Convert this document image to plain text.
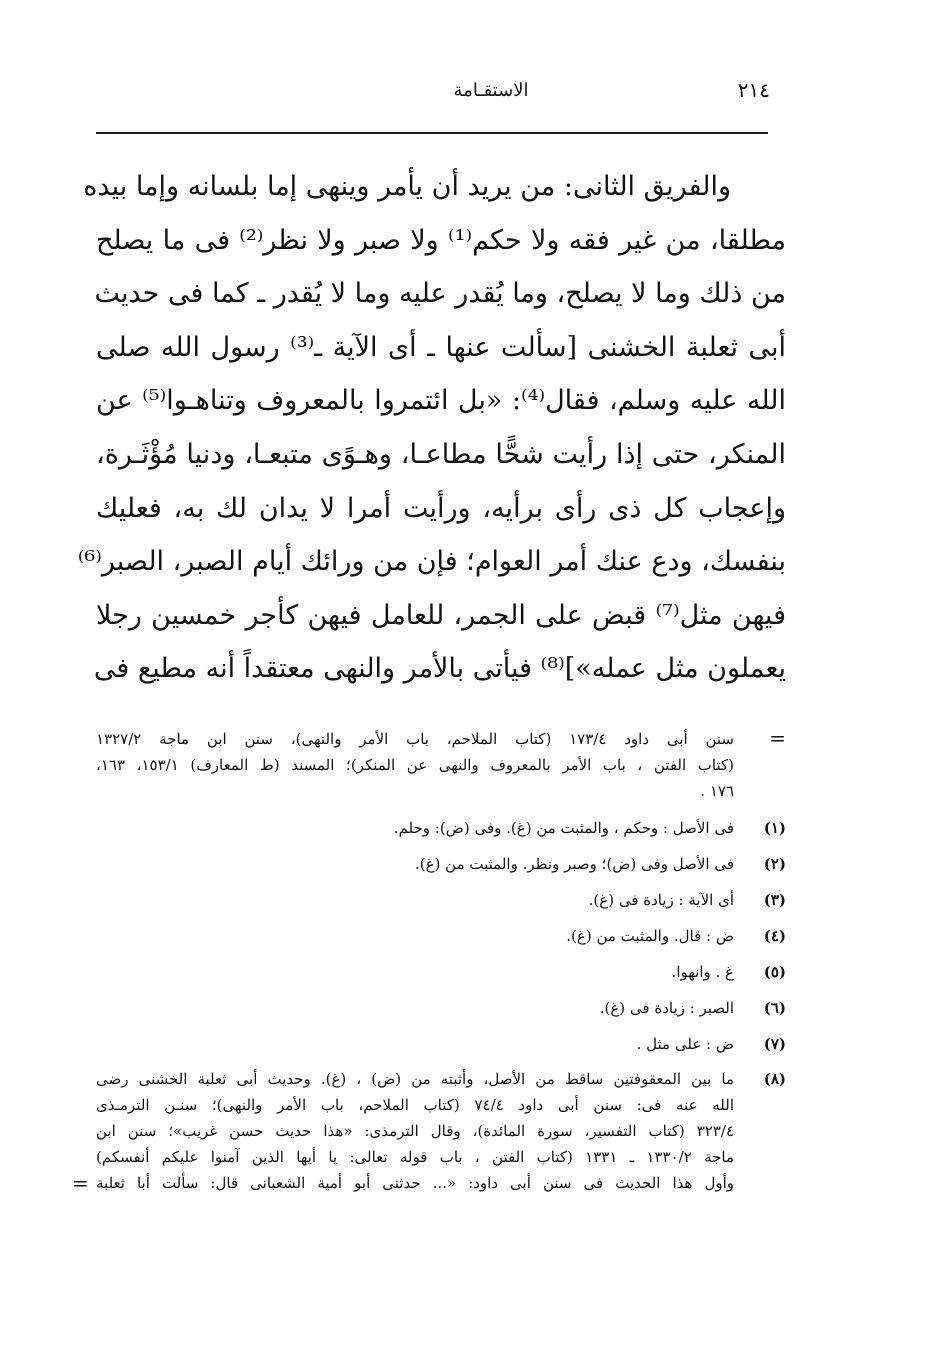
٢١٤
الاستقـامة
والفريق الثانى: من يريد أن يأمر وينهى إما بلسانه وإما بيده
مطلقا، من غير فقه ولا حكم⁽¹⁾ ولا صبر ولا نظر⁽²⁾ فى ما يصلح
من ذلك وما لا يصلح، وما يُقدر عليه وما لا يُقدر ـ كما فى حديث
أبى ثعلبة الخشنى [سألت عنها ـ أى الآية ـ⁽³⁾ رسول الله صلى
الله عليه وسلم، فقال⁽⁴⁾: «بل ائتمروا بالمعروف وتناهـوا⁽⁵⁾ عن
المنكر، حتى إذا رأيت شحًّا مطاعـا، وهـوًى متبعـا، ودنيا مُؤْثَـرة،
وإعجاب كل ذى رأى برأيه، ورأيت أمرا لا يدان لك به، فعليك
بنفسك، ودع عنك أمر العوام؛ فإن من ورائك أيام الصبر، الصبر⁽⁶⁾
فيهن مثل⁽⁷⁾ قبض على الجمر، للعامل فيهن كأجر خمسين رجلا
يعملون مثل عمله»]⁽⁸⁾ فيأتى بالأمر والنهى معتقداً أنه مطيع فى
=
سنن أبى داود ١٧٣/٤ (كتاب الملاحم، باب الأمر والنهى)، سنن ابن ماجة ١٣٢٧/٢
(كتاب الفتن ، باب الأمر بالمعروف والنهى عن المنكر)؛ المسند (ط المعارف) ١٥٣/١، ١٦٣،
١٧٦ .
(١)
فى الأصل : وحكم ، والمثبت من (غ). وفى (ض): وحلم.
(٢)
فى الأصل وفى (ض)؛ وصبر ونظر. والمثبت من (غ).
(٣)
أى الآية : زيادة فى (غ).
(٤)
ض : قال. والمثبت من (غ).
(٥)
غ . وانهوا.
(٦)
الصبر : زيادة فى (غ).
(٧)
ض : على مثل .
(٨)
ما بين المعقوفتين ساقط من الأصل، وأثبته من (ض) ، (غ). وحديث أبى ثعلبة الخشنى رضى
الله عنه فى: سنن أبى داود ٧٤/٤ (كتاب الملاحم، باب الأمر والنهى)؛ سنـن الترمـذى
٣٢٣/٤ (كتاب التفسير، سورة المائدة)، وقال الترمذى: «هذا حديث حسن غريب»؛ سنن ابن
ماجة ١٣٣٠/٢ ـ ١٣٣١ (كتاب الفتن ، باب قوله تعالى: يا أيها الذين آمنوا عليكم أنفسكم)
وأول هذا الحديث فى سنن أبى داود: «... حدثنى أبو أمية الشعبانى قال: سألت أبا ثعلبة
=
